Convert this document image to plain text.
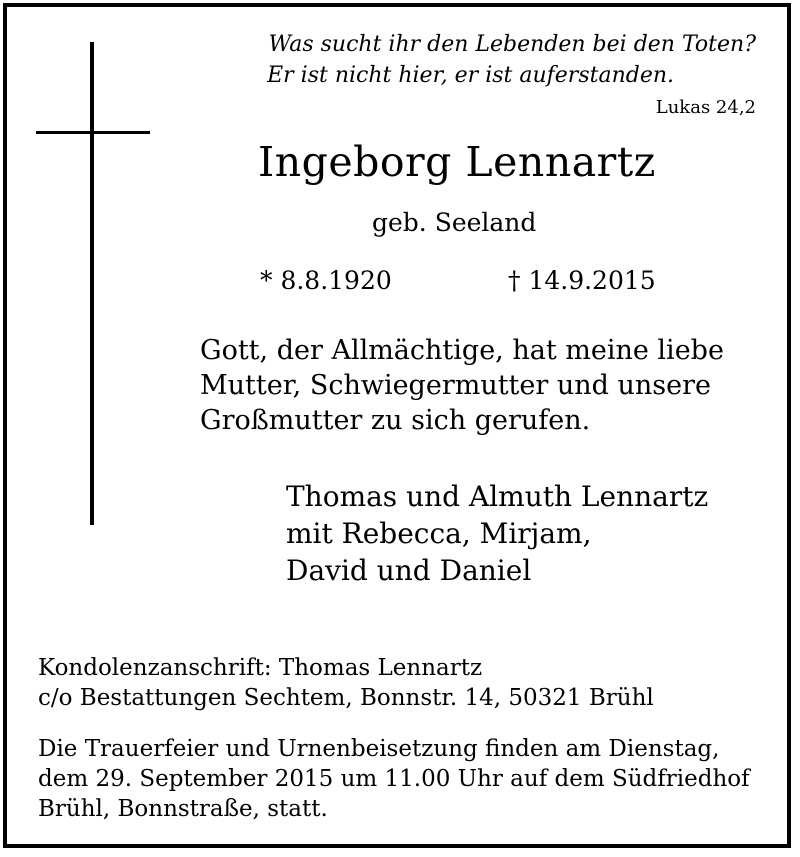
Was sucht ihr den Lebenden bei den Toten?
Er ist nicht hier, er ist auferstanden.
Lukas 24,2
Ingeborg Lennartz
geb. Seeland
* 8.8.1920	† 14.9.2015
Gott, der Allmächtige, hat meine liebe
Mutter, Schwiegermutter und unsere
Großmutter zu sich gerufen.
Thomas und Almuth Lennartz
mit Rebecca, Mirjam,
David und Daniel
Kondolenzanschrift: Thomas Lennartz
c/o Bestattungen Sechtem, Bonnstr. 14, 50321 Brühl
Die Trauerfeier und Urnenbeisetzung finden am Dienstag,
dem 29. September 2015 um 11.00 Uhr auf dem Südfriedhof
Brühl, Bonnstraße, statt.
